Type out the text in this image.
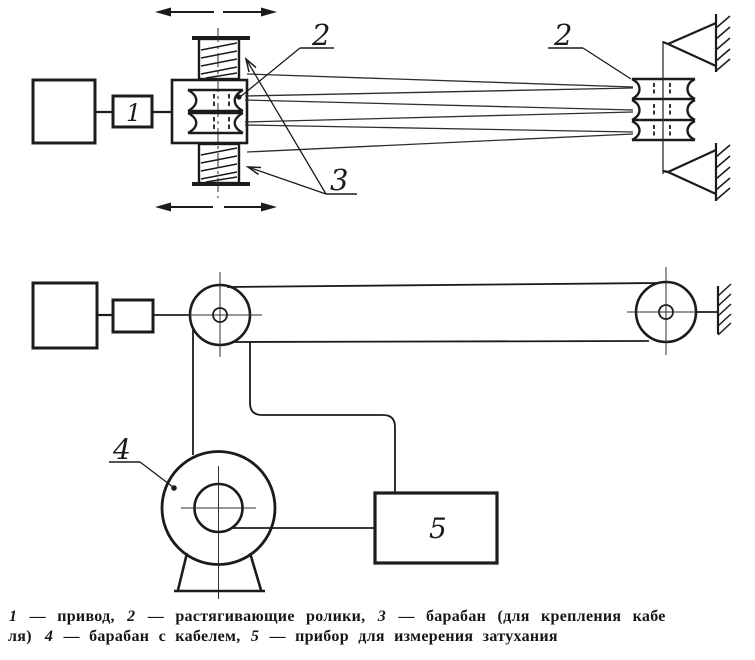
1
2	2
3
5
4
1 — привод, 2 — растягивающие ролики, 3 — барабан (для крепления кабе
ля) 4 — барабан с кабелем, 5 — прибор для измерения затухания
